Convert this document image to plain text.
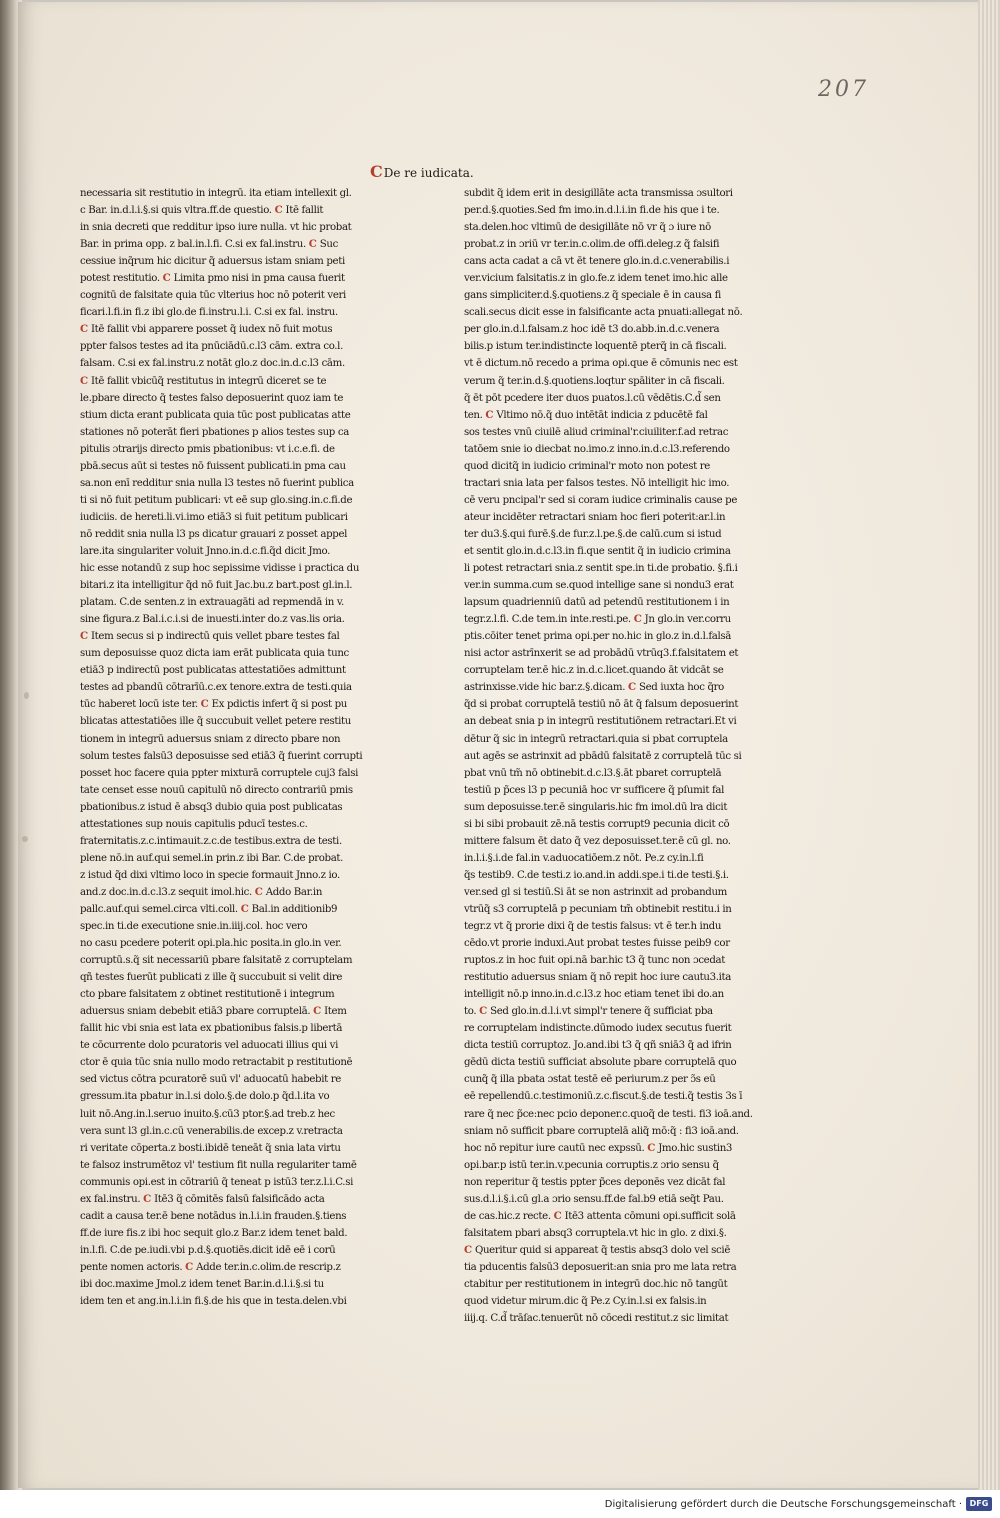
207
CDe re iudicata.
necessaria sit restitutio in integrū. ita etiam intellexit gl.
c Bar. in.d.l.i.§.si quis vltra.ff.de questio. C Itē fallit
in snia decreti que redditur ipso iure nulla. vt hic probat
Bar. in prima opp. z bal.in.l.fi. C.si ex fal.instru. C Suc
cessiue inq̃rum hic dicitur q̃ aduersus istam sniam peti
potest restitutio. C Limita pmo nisi in pma causa fuerit
cognitū de falsitate quia tūc vlterius hoc nō poterit veri
ficari.l.fi.in fi.z ibi glo.de fi.instru.l.i. C.si ex fal. instru.
C Itē fallit vbi apparere posset q̃ iudex nō fuit motus
ppter falsos testes ad ita pnūciādū.c.l3 cām. extra co.l.
falsam. C.si ex fal.instru.z notāt glo.z doc.in.d.c.l3 cām.
C Itē fallit vbicūq̃ restitutus in integrū diceret se te
le.pbare directo q̃ testes falso deposuerint quoz iam te
stium dicta erant publicata quia tūc post publicatas atte
stationes nō poterāt fieri pbationes p alios testes sup ca
pitulis ɔtrarijs directo pmis pbationibus: vt i.c.e.fi. de
pbā.secus aūt si testes nō fuissent publicati.in pma cau
sa.non enī redditur snia nulla l3 testes nō fuerint publica
ti si nō fuit petitum publicari: vt eē sup glo.sing.in.c.fi.de
iudiciis. de hereti.li.vi.imo etiā3 si fuit petitum publicari
nō reddit snia nulla l3 ps dicatur grauari z posset appel
lare.ita singulariter voluit Jnno.in.d.c.fi.q̃d dicit Jmo.
hic esse notandū z sup hoc sepissime vidisse i practica du
bitari.z ita intelligitur q̃d nō fuit Jac.bu.z bart.post gl.in.l.
platam. C.de senten.z in extrauagāti ad repmendā in v.
sine figura.z Bal.i.c.i.si de inuesti.inter do.z vas.lis oria.
C Item secus si p indirectū quis vellet pbare testes fal
sum deposuisse quoz dicta iam erāt publicata quia tunc
etiā3 p indirectū post publicatas attestatiōes admittunt
testes ad pbandū cōtrarīū.c.ex tenore.extra de testi.quia
tūc haberet locū iste ter. C Ex pdictis infert q̃ si post pu
blicatas attestatiōes ille q̃ succubuit vellet petere restitu
tionem in integrū aduersus sniam z directo pbare non
solum testes falsū3 deposuisse sed etiā3 q̃ fuerint corrupti
posset hoc facere quia ppter mixturā corruptele cuj3 falsi
tate censet esse nouū capitulū nō directo contrariū pmis
pbationibus.z istud ē absq3 dubio quia post publicatas
attestationes sup nouis capitulis pducī testes.c.
fraternitatis.z.c.intimauit.z.c.de testibus.extra de testi.
plene nō.in auf.qui semel.in prin.z ibi Bar. C.de probat.
z istud q̃d dixi vltimo loco in specie formauit Jnno.z io.
and.z doc.in.d.c.l3.z sequit imol.hic. C Addo Bar.in
pallc.auf.qui semel.circa vlti.coll. C Bal.in additionib9
spec.in ti.de executione snie.in.iiij.col. hoc vero
no casu pcedere poterit opi.pla.hic posita.in glo.in ver.
corruptū.s.q̃ sit necessariū pbare falsitatē z corruptelam
qñ testes fuerūt publicati z ille q̃ succubuit si velit dire
cto pbare falsitatem z obtinet restitutionē i integrum
aduersus sniam debebit etiā3 pbare corruptelā. C Item
fallit hic vbi snia est lata ex pbationibus falsis.p libertā
te cōcurrente dolo pcuratoris vel aduocati illius qui vi
ctor ē quia tūc snia nullo modo retractabit p restitutionē
sed victus cōtra pcuratorē suū vl' aduocatū habebit re
gressum.ita pbatur in.l.si dolo.§.de dolo.p q̃d.l.ita vo
luit nō.Ang.in.l.seruo inuito.§.cū3 ptor.§.ad treb.z hec
vera sunt l3 gl.in.c.cū venerabilis.de excep.z v.retracta
ri veritate cōperta.z bosti.ibidē teneāt q̃ snia lata virtu
te falsoz instrumētoz vl' testium fit nulla regulariter tamē
communis opi.est in cōtrariū q̃ teneat p istū3 ter.z.l.i.C.si
ex fal.instru. C Itē3 q̃ cōmitēs falsū falsificādo acta
cadit a causa ter.ē bene notādus in.l.i.in frauden.§.tiens
ff.de iure fis.z ibi hoc sequit glo.z Bar.z idem tenet bald.
in.l.fi. C.de pe.iudi.vbi p.d.§.quotiēs.dicit idē eē i corū
pente nomen actoris. C Adde ter.in.c.olim.de rescrip.z
ibi doc.maxime Jmol.z idem tenet Bar.in.d.l.i.§.si tu
idem ten et ang.in.l.i.in fi.§.de his que in testa.delen.vbi
subdit q̃ idem erit in desigillāte acta transmissa ɔsultori
per.d.§.quoties.Sed fm imo.in.d.l.i.in fi.de his que i te.
sta.delen.hoc vltimū de desigillāte nō vr q̃ ɔ iure nō
probat.z in ɔriū vr ter.in.c.olim.de offi.deleg.z q̃ falsifi
cans acta cadat a cā vt ēt tenere glo.in.d.c.venerabilis.i
ver.vicium falsitatis.z in glo.fe.z idem tenet imo.hic alle
gans simpliciter.d.§.quotiens.z q̃ speciale ē in causa fi
scali.secus dicit esse in falsificante acta pnuati:allegat nō.
per glo.in.d.l.falsam.z hoc idē t3 do.abb.in.d.c.venera
bilis.p istum ter.indistincte loquentē pterq̃ in cā fiscali.
vt ē dictum.nō recedo a prima opi.que ē cōmunis nec est
verum q̃ ter.in.d.§.quotiens.loqtur spāliter in cā fiscali.
q̃ ēt pōt pcedere iter duos puatos.l.cū vēdētis.C.d̃ sen
ten. C Vltimo nō.q̃ duo intētāt indicia z pducētē fal
sos testes vnū ciuilē aliud criminal'r.ciuiliter.f.ad retrac
tatōem snie io diecbat no.imo.z inno.in.d.c.l3.referendo
quod dicitq̃ in iudicio criminal'r moto non potest re
tractari snia lata per falsos testes. Nō intelligit hic imo.
cē veru pncipal'r sed si coram iudice criminalis cause pe
ateur incidēter retractari sniam hoc fieri poterit:ar.l.in
ter du3.§.qui furē.§.de fur.z.l.pe.§.de calū.cum si istud
et sentit glo.in.d.c.l3.in fi.que sentit q̃ in iudicio crimina
li potest retractari snia.z sentit spe.in ti.de probatio. §.fi.i
ver.in summa.cum se.quod intellige sane si nondu3 erat
lapsum quadrienniū datū ad petendū restitutionem i in
tegr.z.l.fi. C.de tem.in inte.resti.pe. C Jn glo.in ver.corru
ptis.cōiter tenet prima opi.per no.hic in glo.z in.d.l.falsā
nisi actor astrīnxerit se ad probādū vtrūq3.f.falsitatem et
corruptelam ter.ē hic.z in.d.c.licet.quando āt vidcāt se
astrinxisse.vide hic bar.z.§.dicam. C Sed iuxta hoc q̃ro
q̃d si probat corruptelā testiū nō āt q̃ falsum deposuerint
an debeat snia p in integrū restitutiōnem retractari.Et vi
dētur q̃ sic in integrū retractari.quia si pbat corruptela
aut agēs se astrinxit ad pbādū falsitatē z corruptelā tūc si
pbat vnū tm̃ nō obtinebit.d.c.l3.§.āt pbaret corruptelā
testiū p p̃ces l3 p pecuniā hoc vr sufficere q̃ pſumit fal
sum deposuisse.ter.ē singularis.hic fm imol.dū lra dicit
si bi sibi probauit zē.nā testis corrupt9 pecunia dicit cō
mittere falsum ēt dato q̃ vez deposuisset.ter.ē cū gl. no.
in.l.i.§.i.de fal.in v.aduocatiōem.z nōt. Pe.z cy.in.l.fi
q̃s testib9. C.de testi.z io.and.in addi.spe.i ti.de testi.§.i.
ver.sed gl si testiū.Si āt se non astrinxit ad probandum
vtrūq̃ s3 corruptelā p pecuniam tm̃ obtinebit restitu.i in
tegr.z vt q̃ prorie dixi q̃ de testis falsus: vt ē ter.h indu
cēdo.vt prorie induxi.Aut probat testes fuisse peib9 cor
ruptos.z in hoc fuit opi.nā bar.hic t3 q̃ tunc non ɔcedat
restitutio aduersus sniam q̃ nō repit hoc iure cautu3.ita
intelligit nō.p inno.in.d.c.l3.z hoc etiam tenet ibi do.an
to. C Sed glo.in.d.l.i.vt simpl'r tenere q̃ sufficiat pba
re corruptelam indistincte.dūmodo iudex secutus fuerit
dicta testiū corruptoz. Jo.and.ibi t3 q̃ qñ sniā3 q̃ ad ifrin
gēdū dicta testiū sufficiat absolute pbare corruptelā quo
cunq̃ q̃ illa pbata ɔstat testē eē periurum.z per ɔ̃s eū
eē repellendū.c.testimoniū.z.c.fiscut.§.de testi.q̃ testis 3s ī
rare q̃ nec p̃ce:nec pcio deponer.c.quoq̃ de testi. fi3 ioā.and.
sniam nō sufficit pbare corruptelā aliq̃ mō:q̃ : fi3 ioā.and.
hoc nō repitur iure cautū nec expssū. C Jmo.hic sustin3
opi.bar.p istū ter.in.v.pecunia corruptis.z ɔrio sensu q̃
non reperitur q̃ testis ppter p̃ces deponēs vez dicāt fal
sus.d.l.i.§.i.cū gl.a ɔrio sensu.ff.de fal.b9 etiā seq̃t Pau.
de cas.hic.z recte. C Itē3 attenta cōmuni opi.sufficit solā
falsitatem pbari absq3 corruptela.vt hic in glo. z dixi.§.
C Queritur quid si appareat q̃ testis absq3 dolo vel sciē
tia pducentis falsū3 deposuerit:an snia pro me lata retra
ctabitur per restitutionem in integrū doc.hic nō tangūt
quod videtur mirum.dic q̃ Pe.z Cy.in.l.si ex falsis.in
iiij.q. C.d̃ trāſac.tenuerūt nō cōcedi restitut.z sic limitat
Digitalisierung gefördert durch die Deutsche Forschungsgemeinschaft · DFG
